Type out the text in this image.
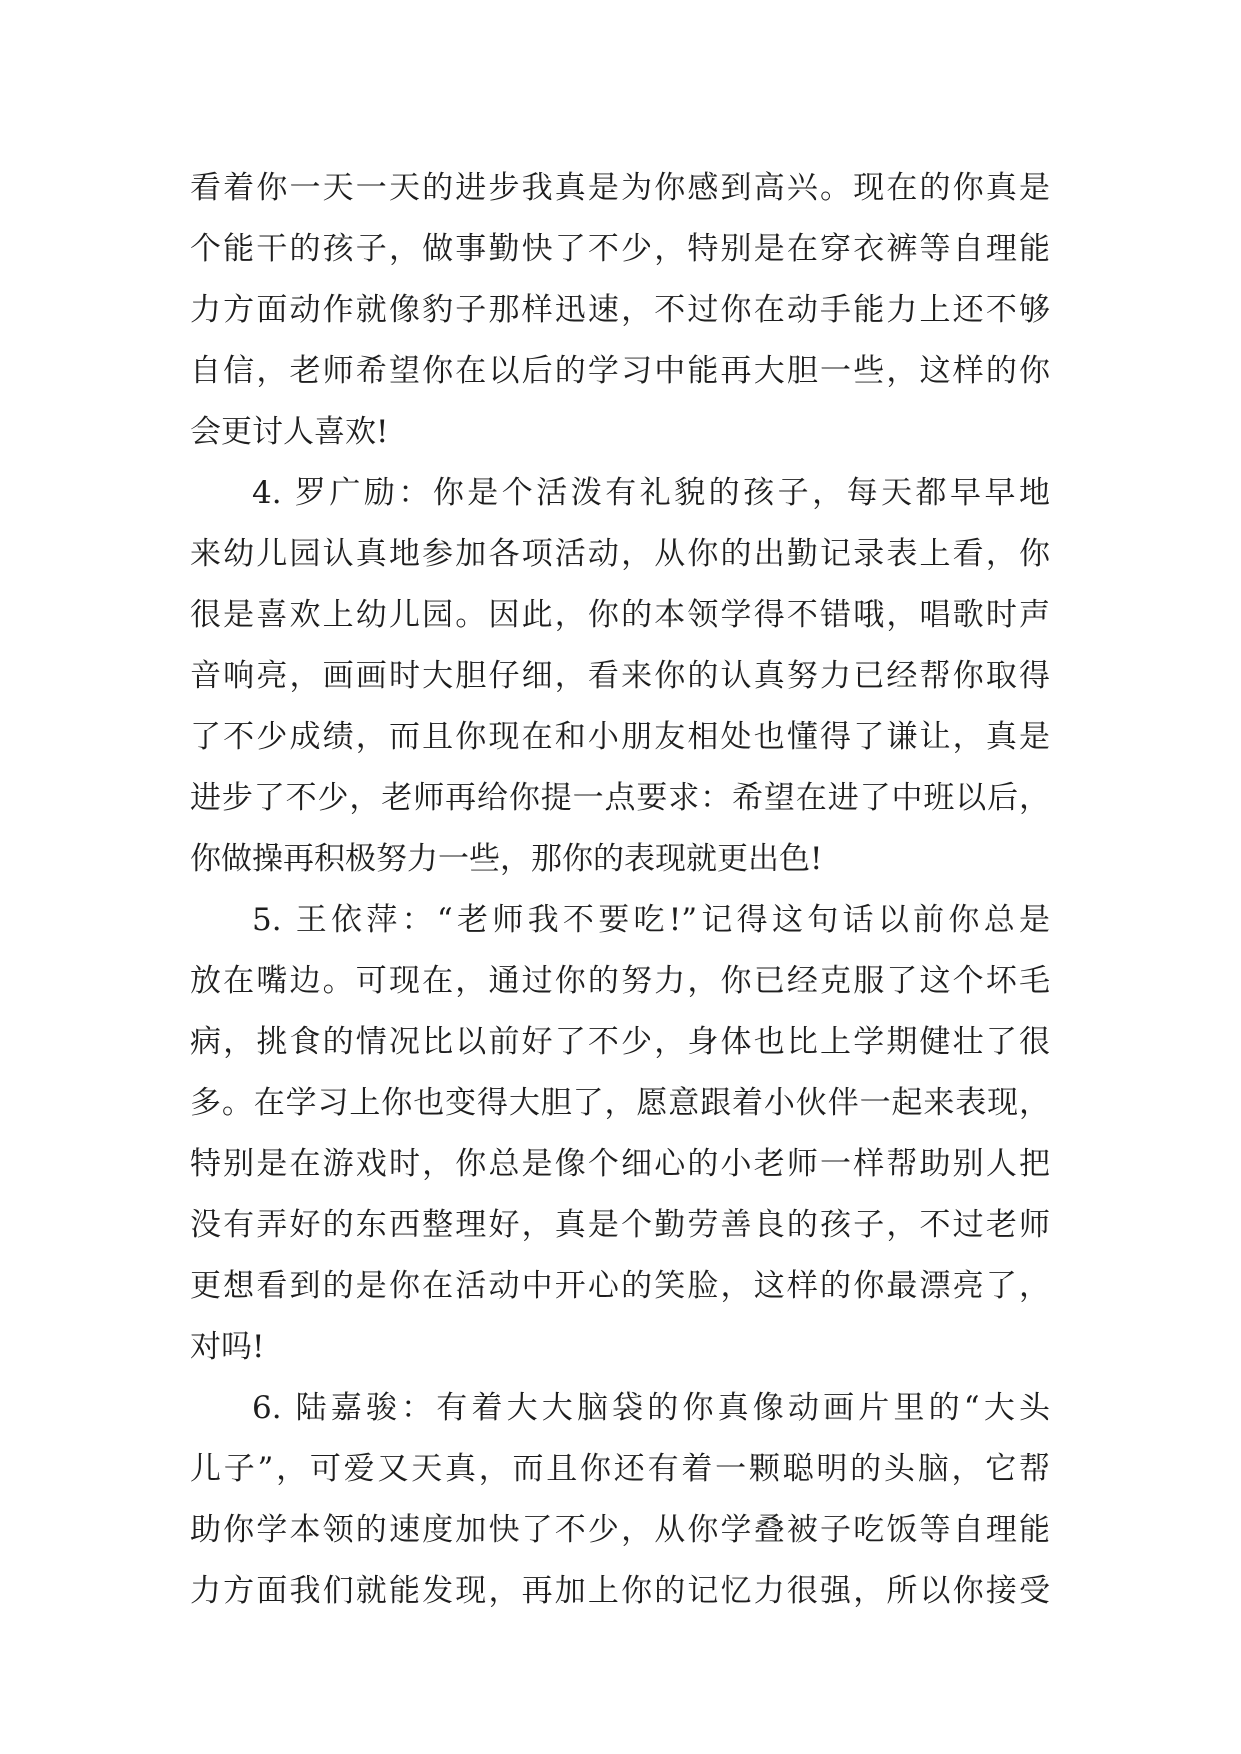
看着你一天一天的进步我真是为你感到高兴。现在的你真是
个能干的孩子，做事勤快了不少，特别是在穿衣裤等自理能
力方面动作就像豹子那样迅速，不过你在动手能力上还不够
自信，老师希望你在以后的学习中能再大胆一些，这样的你
会更讨人喜欢!
4. 罗广励：你是个活泼有礼貌的孩子，每天都早早地
来幼儿园认真地参加各项活动，从你的出勤记录表上看，你
很是喜欢上幼儿园。因此，你的本领学得不错哦，唱歌时声
音响亮，画画时大胆仔细，看来你的认真努力已经帮你取得
了不少成绩，而且你现在和小朋友相处也懂得了谦让，真是
进步了不少，老师再给你提一点要求：希望在进了中班以后，
你做操再积极努力一些，那你的表现就更出色!
5. 王依萍：“老师我不要吃!”记得这句话以前你总是
放在嘴边。可现在，通过你的努力，你已经克服了这个坏毛
病，挑食的情况比以前好了不少，身体也比上学期健壮了很
多。在学习上你也变得大胆了，愿意跟着小伙伴一起来表现，
特别是在游戏时，你总是像个细心的小老师一样帮助别人把
没有弄好的东西整理好，真是个勤劳善良的孩子，不过老师
更想看到的是你在活动中开心的笑脸，这样的你最漂亮了，
对吗!
6. 陆嘉骏：有着大大脑袋的你真像动画片里的“大头
儿子”，可爱又天真，而且你还有着一颗聪明的头脑，它帮
助你学本领的速度加快了不少，从你学叠被子吃饭等自理能
力方面我们就能发现，再加上你的记忆力很强，所以你接受
